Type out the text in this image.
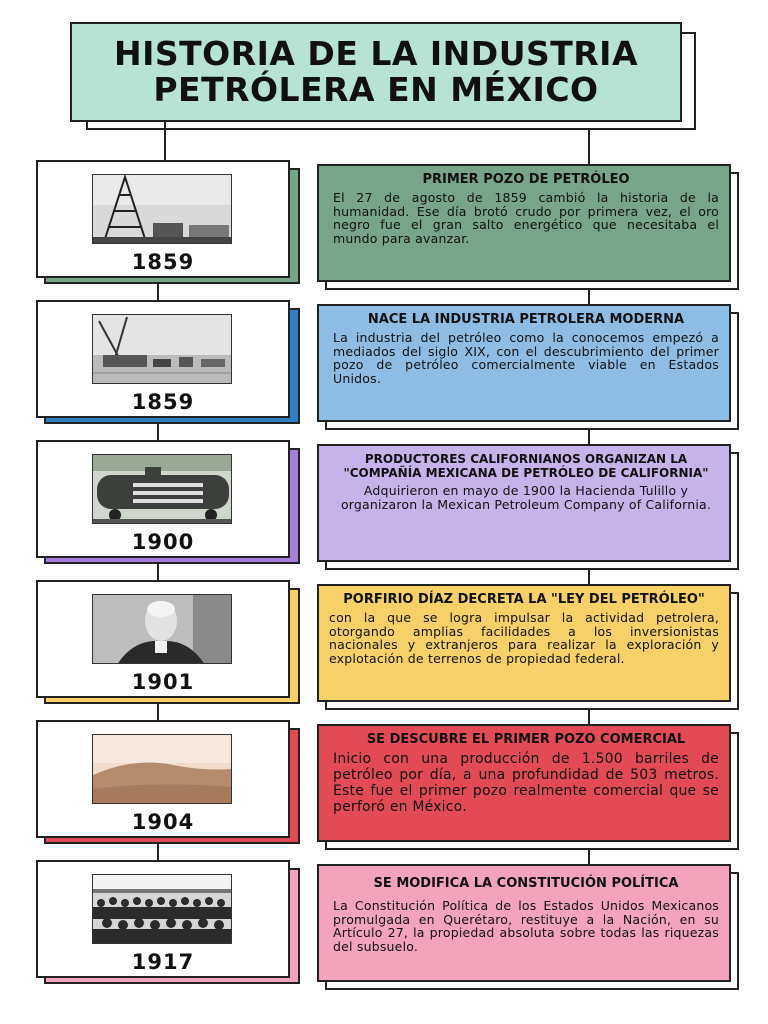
HISTORIA DE LA INDUSTRIA
PETRÓLERA EN MÉXICO
1859
PRIMER POZO DE PETRÓLEO
El 27 de agosto de 1859 cambió la historia de la humanidad. Ese día brotó crudo por primera vez, el oro negro fue el gran salto energético que necesitaba el mundo para avanzar.
1859
NACE LA INDUSTRIA PETROLERA MODERNA
La industria del petróleo como la conocemos empezó a mediados del siglo XIX, con el descubrimiento del primer pozo de petróleo comercialmente viable en Estados Unidos.
1900
PRODUCTORES CALIFORNIANOS ORGANIZAN LA "COMPAÑÍA MEXICANA DE PETRÓLEO DE CALIFORNIA"
Adquirieron en mayo de 1900 la Hacienda Tulillo y organizaron la Mexican Petroleum Company of California.
1901
PORFIRIO DÍAZ DECRETA LA "LEY DEL PETRÓLEO"
con la que se logra impulsar la actividad petrolera, otorgando amplias facilidades a los inversionistas nacionales y extranjeros para realizar la exploración y explotación de terrenos de propiedad federal.
1904
SE DESCUBRE EL PRIMER POZO COMERCIAL
Inicio con una producción de 1.500 barriles de petróleo por día, a una profundidad de 503 metros. Este fue el primer pozo realmente comercial que se perforó en México.
1917
SE MODIFICA LA CONSTITUCIÓN POLÍTICA
La Constitución Política de los Estados Unidos Mexicanos promulgada en Querétaro, restituye a la Nación, en su Artículo 27, la propiedad absoluta sobre todas las riquezas del subsuelo.
